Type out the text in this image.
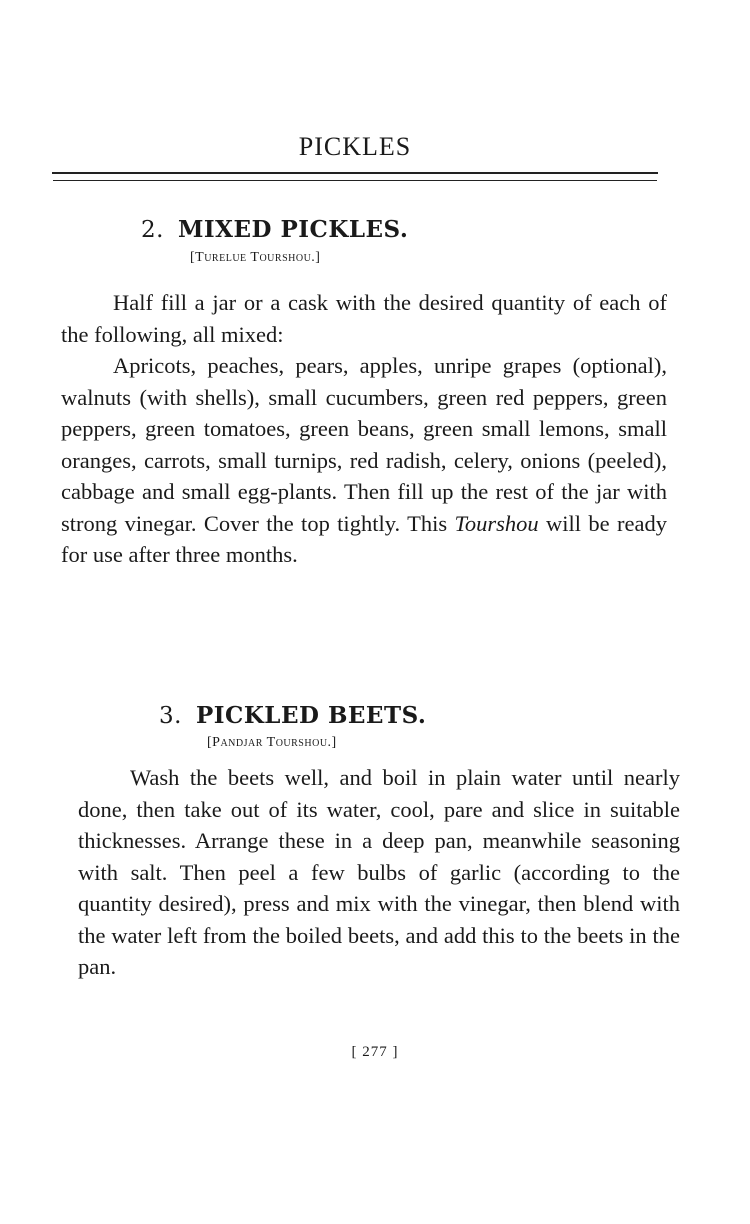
PICKLES
2. MIXED PICKLES.
[Turelue Tourshou.]

Half fill a jar or a cask with the desired quantity of each of the following, all mixed:

Apricots, peaches, pears, apples, unripe grapes (optional), walnuts (with shells), small cucumbers, green red peppers, green peppers, green tomatoes, green beans, green small lemons, small oranges, carrots, small turnips, red radish, celery, onions (peeled), cabbage and small egg-plants. Then fill up the rest of the jar with strong vinegar. Cover the top tightly. This Tourshou will be ready for use after three months.

3. PICKLED BEETS.
[Pandjar Tourshou.]

Wash the beets well, and boil in plain water until nearly done, then take out of its water, cool, pare and slice in suitable thicknesses. Arrange these in a deep pan, meanwhile seasoning with salt. Then peel a few bulbs of garlic (according to the quantity desired), press and mix with the vinegar, then blend with the water left from the boiled beets, and add this to the beets in the pan.

[ 277 ]
